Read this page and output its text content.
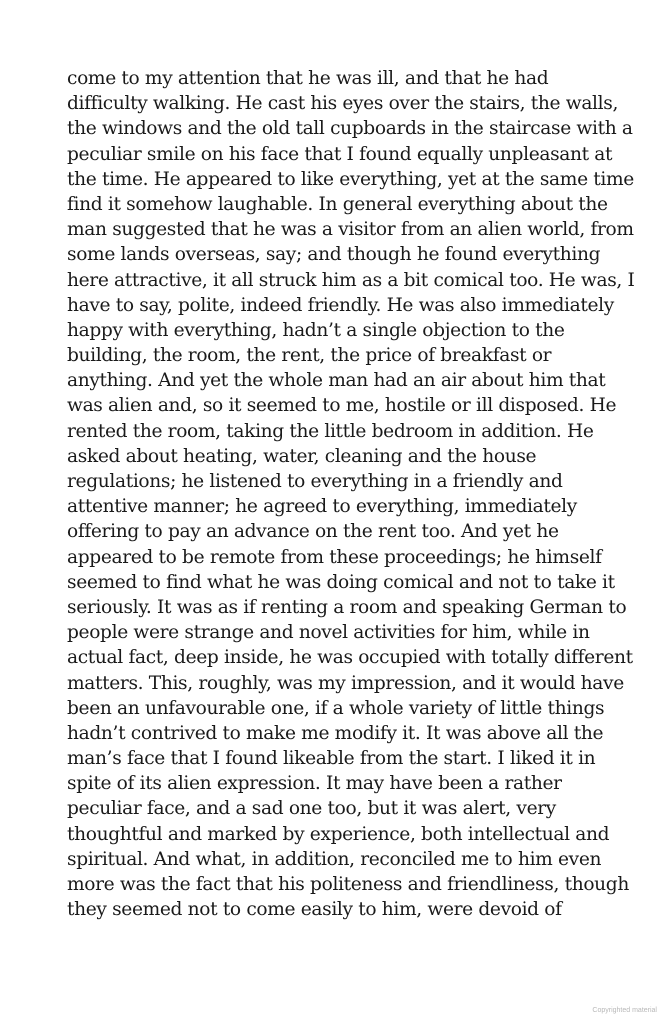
come to my attention that he was ill, and that he had
difficulty walking. He cast his eyes over the stairs, the walls,
the windows and the old tall cupboards in the staircase with a
peculiar smile on his face that I found equally unpleasant at
the time. He appeared to like everything, yet at the same time
find it somehow laughable. In general everything about the
man suggested that he was a visitor from an alien world, from
some lands overseas, say; and though he found everything
here attractive, it all struck him as a bit comical too. He was, I
have to say, polite, indeed friendly. He was also immediately
happy with everything, hadn’t a single objection to the
building, the room, the rent, the price of breakfast or
anything. And yet the whole man had an air about him that
was alien and, so it seemed to me, hostile or ill disposed. He
rented the room, taking the little bedroom in addition. He
asked about heating, water, cleaning and the house
regulations; he listened to everything in a friendly and
attentive manner; he agreed to everything, immediately
offering to pay an advance on the rent too. And yet he
appeared to be remote from these proceedings; he himself
seemed to find what he was doing comical and not to take it
seriously. It was as if renting a room and speaking German to
people were strange and novel activities for him, while in
actual fact, deep inside, he was occupied with totally different
matters. This, roughly, was my impression, and it would have
been an unfavourable one, if a whole variety of little things
hadn’t contrived to make me modify it. It was above all the
man’s face that I found likeable from the start. I liked it in
spite of its alien expression. It may have been a rather
peculiar face, and a sad one too, but it was alert, very
thoughtful and marked by experience, both intellectual and
spiritual. And what, in addition, reconciled me to him even
more was the fact that his politeness and friendliness, though
they seemed not to come easily to him, were devoid of
Copyrighted material
